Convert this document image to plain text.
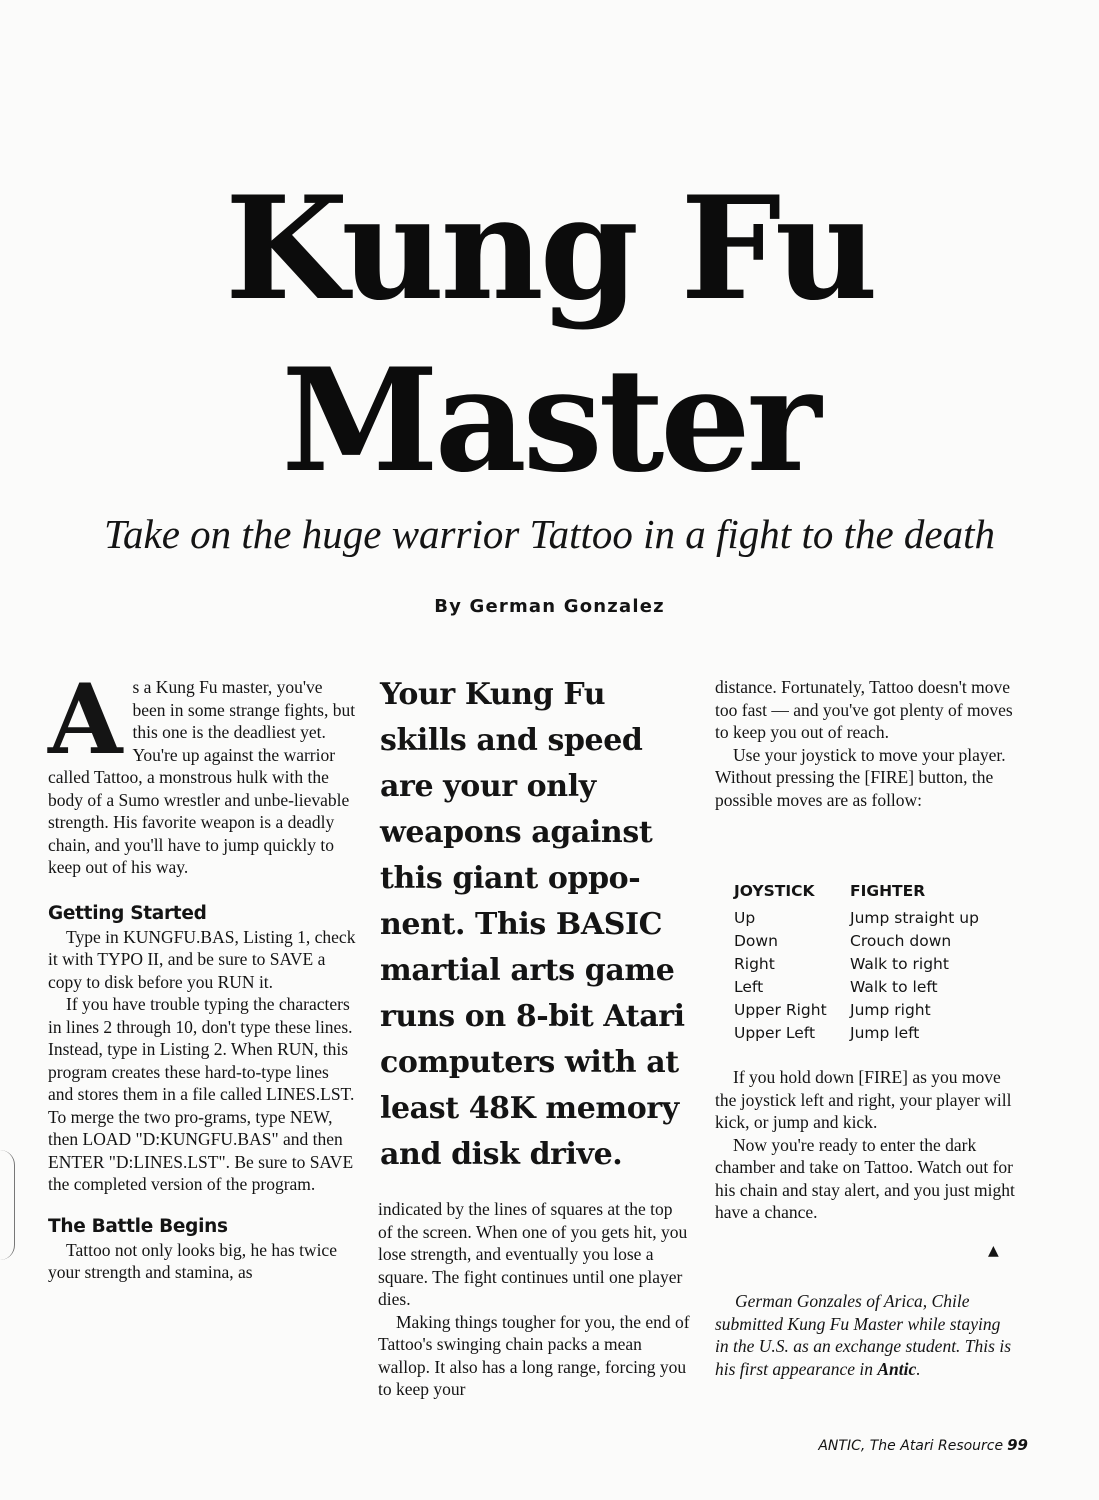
Kung Fu
Master
Take on the huge warrior Tattoo in a fight to the death
By German Gonzalez

As a Kung Fu master, you've been in some strange fights, but this one is the deadliest yet. You're up against the warrior called Tattoo, a monstrous hulk with the body of a Sumo wrestler and unbe-lievable strength. His favorite weapon is a deadly chain, and you'll have to jump quickly to keep out of his way.

Getting Started

Type in KUNGFU.BAS, Listing 1, check it with TYPO II, and be sure to SAVE a copy to disk before you RUN it.

If you have trouble typing the characters in lines 2 through 10, don't type these lines. Instead, type in Listing 2. When RUN, this program creates these hard-to-type lines and stores them in a file called LINES.LST. To merge the two pro-grams, type NEW, then LOAD "D:KUNGFU.BAS" and then ENTER "D:LINES.LST". Be sure to SAVE the completed version of the program.

The Battle Begins

Tattoo not only looks big, he has twice your strength and stamina, as

Your Kung Fu skills and speed are your only weapons against this giant oppo-nent. This BASIC martial arts game runs on 8-bit Atari computers with at least 48K memory and disk drive.

indicated by the lines of squares at the top of the screen. When one of you gets hit, you lose strength, and eventually you lose a square. The fight continues until one player dies.

Making things tougher for you, the end of Tattoo's swinging chain packs a mean wallop. It also has a long range, forcing you to keep your

distance. Fortunately, Tattoo doesn't move too fast — and you've got plenty of moves to keep you out of reach.

Use your joystick to move your player. Without pressing the [FIRE] button, the possible moves are as follow:

JOYSTICK	FIGHTER
Up	Jump straight up
Down	Crouch down
Right	Walk to right
Left	Walk to left
Upper Right	Jump right
Upper Left	Jump left

If you hold down [FIRE] as you move the joystick left and right, your player will kick, or jump and kick.

Now you're ready to enter the dark chamber and take on Tattoo. Watch out for his chain and stay alert, and you just might have a chance.

▲
German Gonzales of Arica, Chile submitted Kung Fu Master while staying in the U.S. as an exchange student. This is his first appearance in Antic.
ANTIC, The Atari Resource 99
